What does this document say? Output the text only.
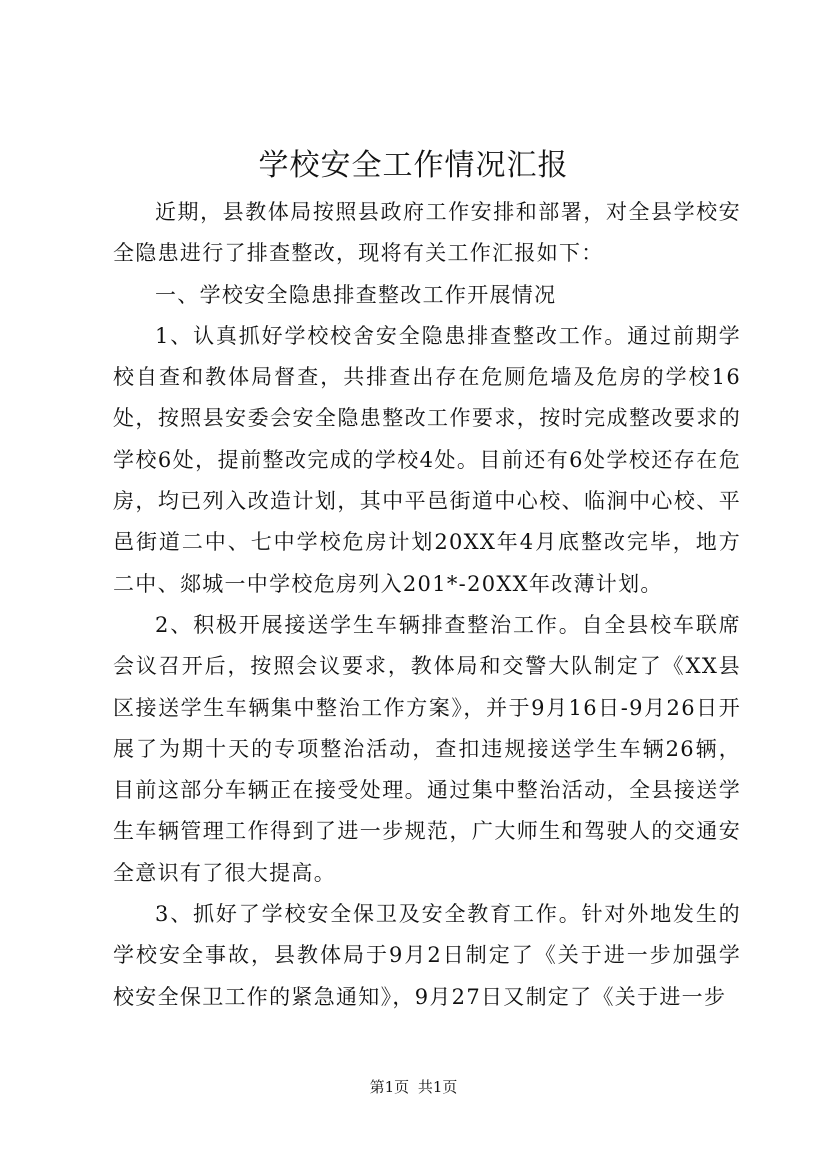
学校安全工作情况汇报

近期，县教体局按照县政府工作安排和部署，对全县学校安全隐患进行了排查整改，现将有关工作汇报如下：

一、学校安全隐患排查整改工作开展情况

1、认真抓好学校校舍安全隐患排查整改工作。通过前期学校自查和教体局督查，共排查出存在危厕危墙及危房的学校16处，按照县安委会安全隐患整改工作要求，按时完成整改要求的学校6处，提前整改完成的学校4处。目前还有6处学校还存在危房，均已列入改造计划，其中平邑街道中心校、临涧中心校、平邑街道二中、七中学校危房计划20XX年4月底整改完毕，地方二中、郯城一中学校危房列入201*-20XX年改薄计划。

2、积极开展接送学生车辆排查整治工作。自全县校车联席会议召开后，按照会议要求，教体局和交警大队制定了《XX县区接送学生车辆集中整治工作方案》，并于9月16日-9月26日开展了为期十天的专项整治活动，查扣违规接送学生车辆26辆，目前这部分车辆正在接受处理。通过集中整治活动，全县接送学生车辆管理工作得到了进一步规范，广大师生和驾驶人的交通安全意识有了很大提高。

3、抓好了学校安全保卫及安全教育工作。针对外地发生的学校安全事故，县教体局于9月2日制定了《关于进一步加强学校安全保卫工作的紧急通知》，9月27日又制定了《关于进一步

第1页 共1页
